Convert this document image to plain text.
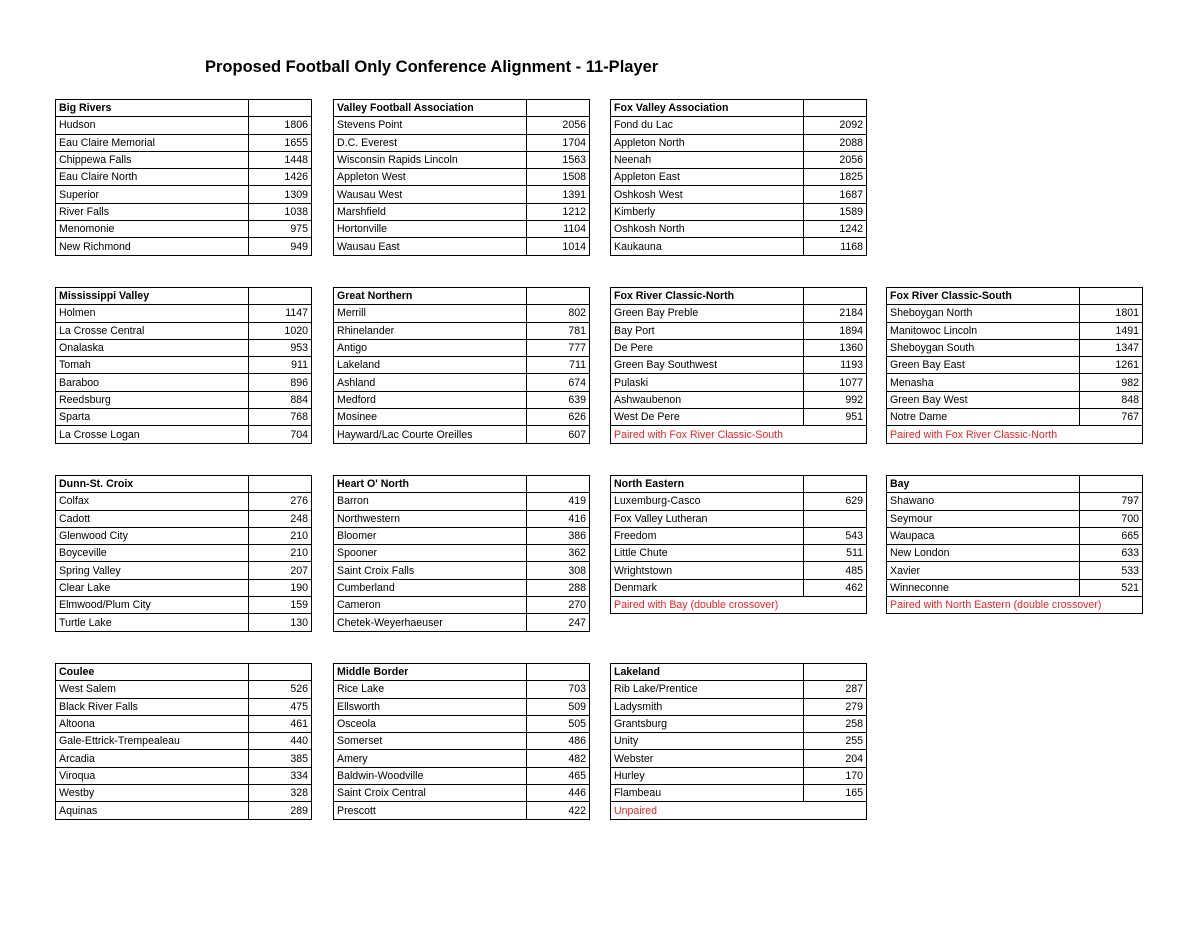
Proposed Football Only Conference Alignment - 11-Player
Big Rivers	
Hudson	1806
Eau Claire Memorial	1655
Chippewa Falls	1448
Eau Claire North	1426
Superior	1309
River Falls	1038
Menomonie	975
New Richmond	949
Valley Football Association	
Stevens Point	2056
D.C. Everest	1704
Wisconsin Rapids Lincoln	1563
Appleton West	1508
Wausau West	1391
Marshfield	1212
Hortonville	1104
Wausau East	1014
Fox Valley Association	
Fond du Lac	2092
Appleton North	2088
Neenah	2056
Appleton East	1825
Oshkosh West	1687
Kimberly	1589
Oshkosh North	1242
Kaukauna	1168
Mississippi Valley	
Holmen	1147
La Crosse Central	1020
Onalaska	953
Tomah	911
Baraboo	896
Reedsburg	884
Sparta	768
La Crosse Logan	704
Great Northern	
Merrill	802
Rhinelander	781
Antigo	777
Lakeland	711
Ashland	674
Medford	639
Mosinee	626
Hayward/Lac Courte Oreilles	607
Fox River Classic-North	
Green Bay Preble	2184
Bay Port	1894
De Pere	1360
Green Bay Southwest	1193
Pulaski	1077
Ashwaubenon	992
West De Pere	951
Paired with Fox River Classic-South	
Fox River Classic-South	
Sheboygan North	1801
Manitowoc Lincoln	1491
Sheboygan South	1347
Green Bay East	1261
Menasha	982
Green Bay West	848
Notre Dame	767
Paired with Fox River Classic-North	
Dunn-St. Croix	
Colfax	276
Cadott	248
Glenwood City	210
Boyceville	210
Spring Valley	207
Clear Lake	190
Elmwood/Plum City	159
Turtle Lake	130
Heart O' North	
Barron	419
Northwestern	416
Bloomer	386
Spooner	362
Saint Croix Falls	308
Cumberland	288
Cameron	270
Chetek-Weyerhaeuser	247
North Eastern	
Luxemburg-Casco	629
Fox Valley Lutheran	
Freedom	543
Little Chute	511
Wrightstown	485
Denmark	462
Paired with Bay (double crossover)	
Bay	
Shawano	797
Seymour	700
Waupaca	665
New London	633
Xavier	533
Winneconne	521
Paired with North Eastern (double crossover)	
Coulee	
West Salem	526
Black River Falls	475
Altoona	461
Gale-Ettrick-Trempealeau	440
Arcadia	385
Viroqua	334
Westby	328
Aquinas	289
Middle Border	
Rice Lake	703
Ellsworth	509
Osceola	505
Somerset	486
Amery	482
Baldwin-Woodville	465
Saint Croix Central	446
Prescott	422
Lakeland	
Rib Lake/Prentice	287
Ladysmith	279
Grantsburg	258
Unity	255
Webster	204
Hurley	170
Flambeau	165
Unpaired	
